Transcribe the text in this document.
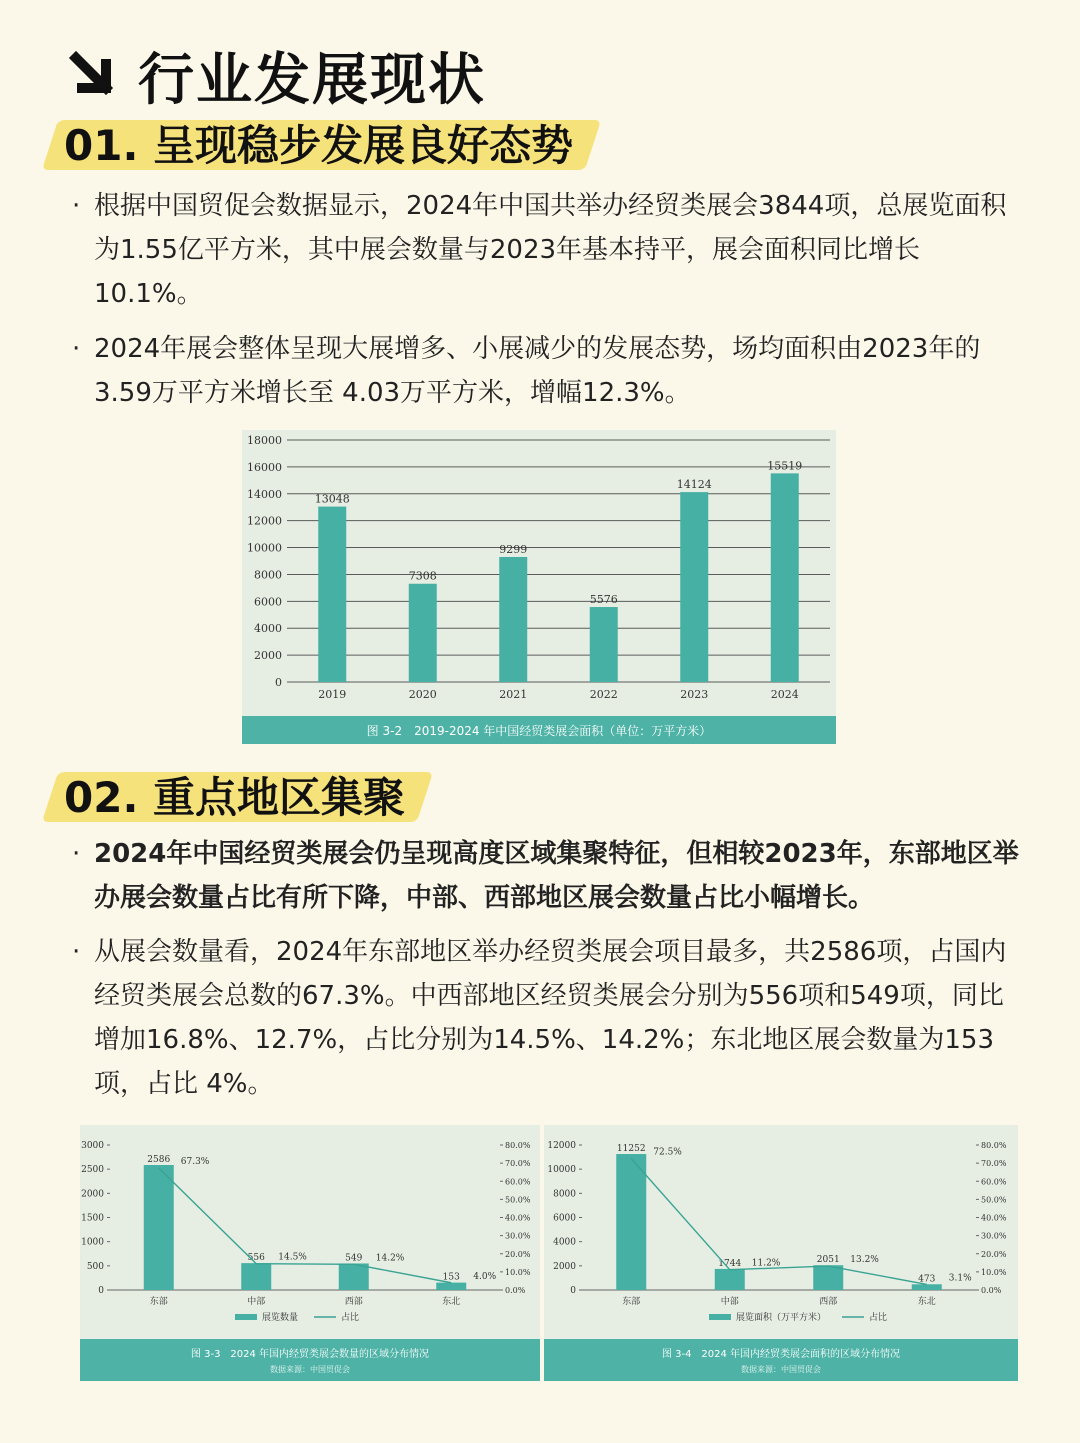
行业发展现状
01. 呈现稳步发展良好态势
· 根据中国贸促会数据显示，2024年中国共举办经贸类展会3844项，总展览面积为1.55亿平方米，其中展会数量与2023年基本持平，展会面积同比增长10.1%。
· 2024年展会整体呈现大展增多、小展减少的发展态势，场均面积由2023年的3.59万平方米增长至 4.03万平方米，增幅12.3%。
0
2000
4000
6000
8000
10000
12000
14000
16000
18000
13048
2019
7308
2020
9299
2021
5576
2022
14124
2023
15519
2024
图 3-2　2019-2024 年中国经贸类展会面积（单位：万平方米）
02. 重点地区集聚
· 2024年中国经贸类展会仍呈现高度区域集聚特征，但相较2023年，东部地区举办展会数量占比有所下降，中部、西部地区展会数量占比小幅增长。
· 从展会数量看，2024年东部地区举办经贸类展会项目最多，共2586项，占国内经贸类展会总数的67.3%。中西部地区经贸类展会分别为556项和549项，同比增加16.8%、12.7%，占比分别为14.5%、14.2%；东北地区展会数量为153项，占比 4%。
0
500
1000
1500
2000
2500
3000
0.0%
10.0%
20.0%
30.0%
40.0%
50.0%
60.0%
70.0%
80.0%
2586
东部
556
中部
549
西部
153
东北
67.3%
14.5%	14.2%
4.0%
展览数量	占比
图 3-3　2024 年国内经贸类展会数量的区域分布情况
数据来源：中国贸促会
0
2000
4000
6000
8000
10000
12000
0.0%
10.0%
20.0%
30.0%
40.0%
50.0%
60.0%
70.0%
80.0%
11252
东部
1744
中部
2051
西部
473
东北
72.5%
11.2%	13.2%
3.1%
展览面积（万平方米）	占比
图 3-4　2024 年国内经贸类展会面积的区域分布情况
数据来源：中国贸促会
